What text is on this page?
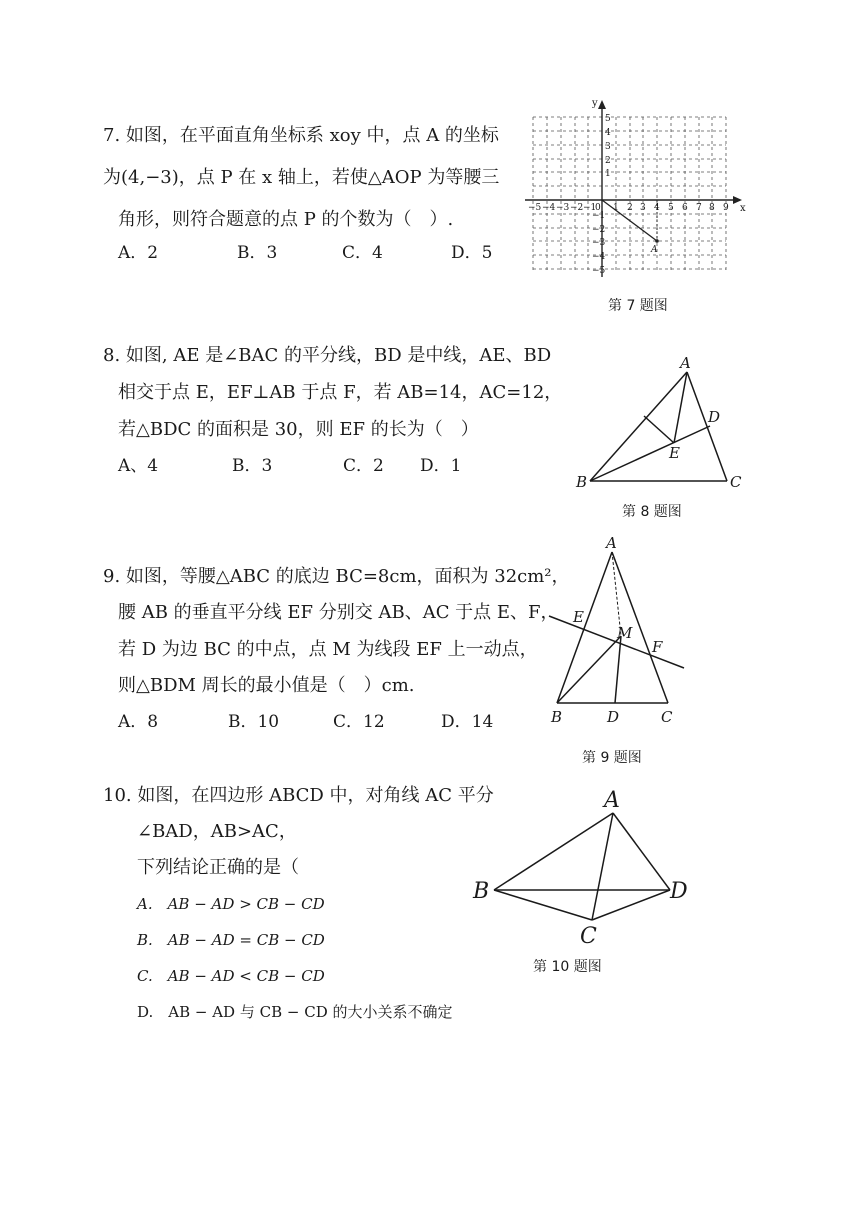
7. 如图，在平面直角坐标系 xoy 中，点 A 的坐标
为(4,−3)，点 P 在 x 轴上，若使△AOP 为等腰三
角形，则符合题意的点 P 的个数为（　）.
A．2	B．3	C．4	D．5
x
y
A
−5 −4 −3 −2 −1
0 1 2 3 4 5 6 7 8 9
5
4
3
2
1
−1
−2
−3
−4
−5
第 7 题图
8. 如图, AE 是∠BAC 的平分线，BD 是中线，AE、BD
相交于点 E，EF⊥AB 于点 F，若 AB=14，AC=12，
若△BDC 的面积是 30，则 EF 的长为（　）
A、4	B．3	C．2 D．1
A
B	C
D
E
第 8 题图
9. 如图，等腰△ABC 的底边 BC=8cm，面积为 32cm²，
腰 AB 的垂直平分线 EF 分别交 AB、AC 于点 E、F，
若 D 为边 BC 的中点，点 M 为线段 EF 上一动点，
则△BDM 周长的最小值是（　）cm.
A．8	B．10	C．12	D．14
A
B	C
D
E
F
M
第 9 题图
10. 如图，在四边形 ABCD 中，对角线 AC 平分
∠BAD，AB>AC，
下列结论正确的是（
A.　AB − AD > CB − CD
B.　AB − AD = CB − CD
C.　AB − AD < CB − CD
D.　AB − AD 与 CB − CD 的大小关系不确定
A
B
C
D
第 10 题图
